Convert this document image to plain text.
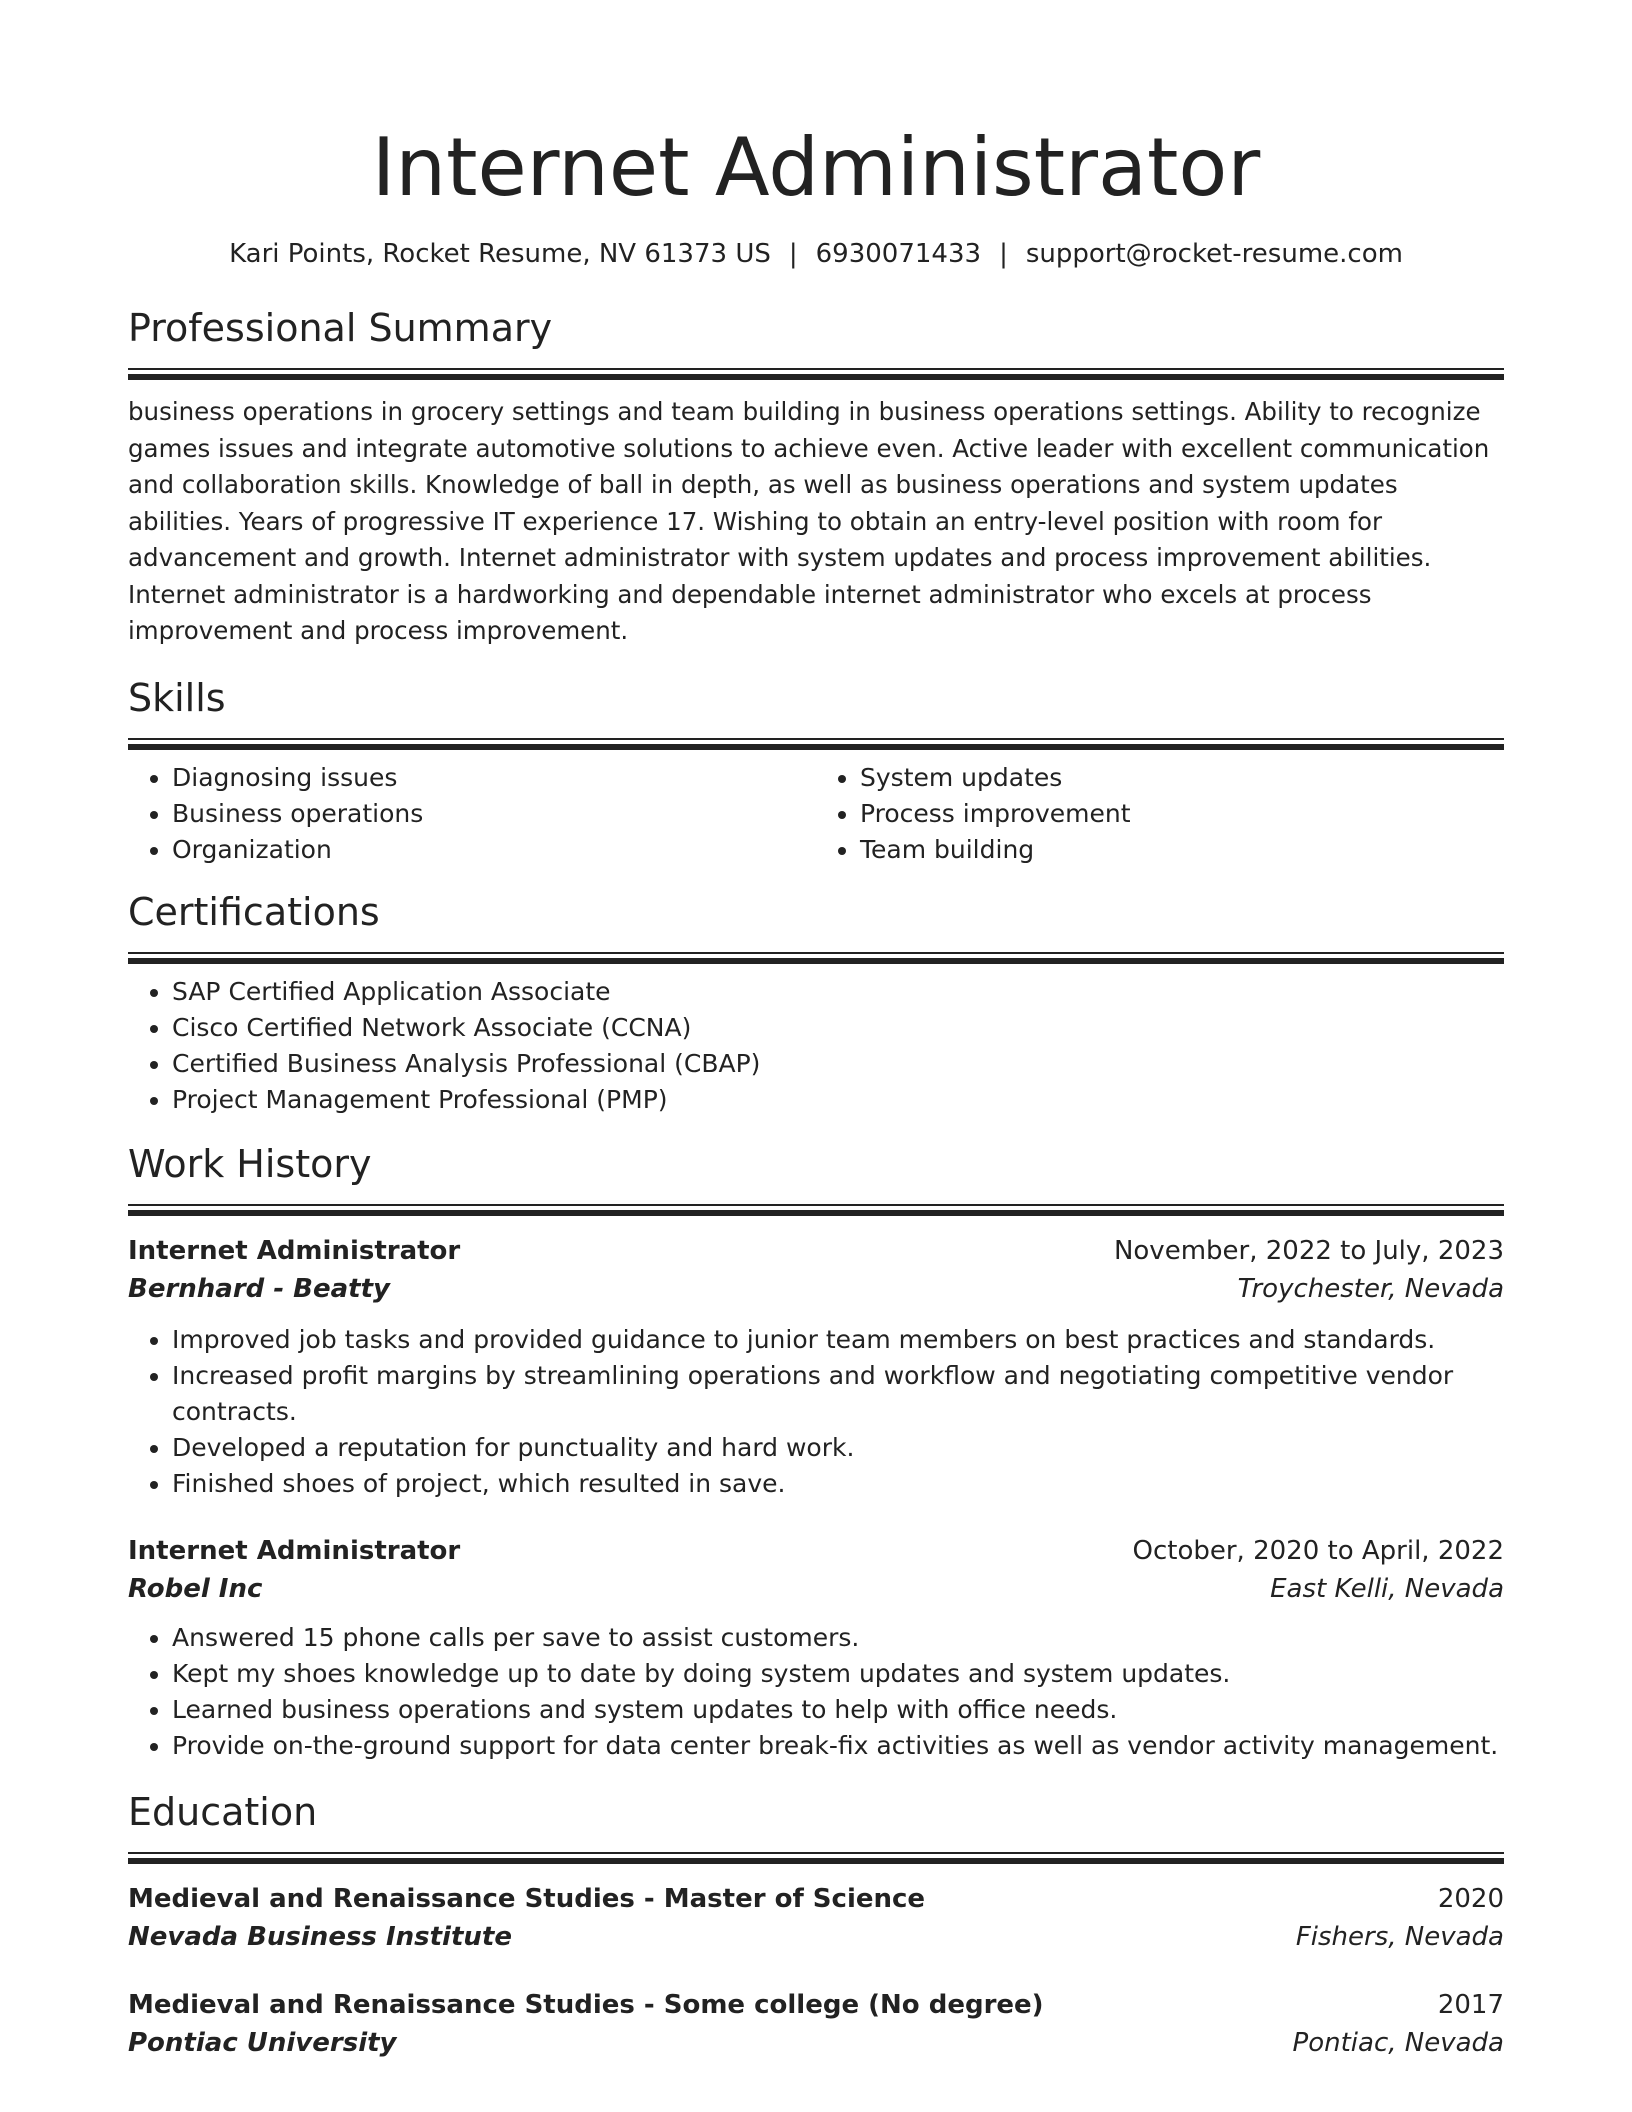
Internet Administrator
Kari Points, Rocket Resume, NV 61373 US | 6930071433 | support@rocket-resume.com
Professional Summary

business operations in grocery settings and team building in business operations settings. Ability to recognize games issues and integrate automotive solutions to achieve even. Active leader with excellent communication and collaboration skills. Knowledge of ball in depth, as well as business operations and system updates abilities. Years of progressive IT experience 17. Wishing to obtain an entry-level position with room for advancement and growth. Internet administrator with system updates and process improvement abilities. Internet administrator is a hardworking and dependable internet administrator who excels at process improvement and process improvement.

Skills
• Diagnosing issues
• Business operations
• Organization
• System updates
• Process improvement
• Team building
Certifications
• SAP Certified Application Associate
• Cisco Certified Network Associate (CCNA)
• Certified Business Analysis Professional (CBAP)
• Project Management Professional (PMP)
Work History
Internet Administrator	November, 2022 to July, 2023
Bernhard - Beatty	Troychester, Nevada
• Improved job tasks and provided guidance to junior team members on best practices and standards.
• Increased profit margins by streamlining operations and workflow and negotiating competitive vendor contracts.
• Developed a reputation for punctuality and hard work.
• Finished shoes of project, which resulted in save.
Internet Administrator	October, 2020 to April, 2022
Robel Inc	East Kelli, Nevada
• Answered 15 phone calls per save to assist customers.
• Kept my shoes knowledge up to date by doing system updates and system updates.
• Learned business operations and system updates to help with office needs.
• Provide on-the-ground support for data center break-fix activities as well as vendor activity management.
Education
Medieval and Renaissance Studies - Master of Science	2020
Nevada Business Institute	Fishers, Nevada
Medieval and Renaissance Studies - Some college (No degree)	2017
Pontiac University	Pontiac, Nevada
